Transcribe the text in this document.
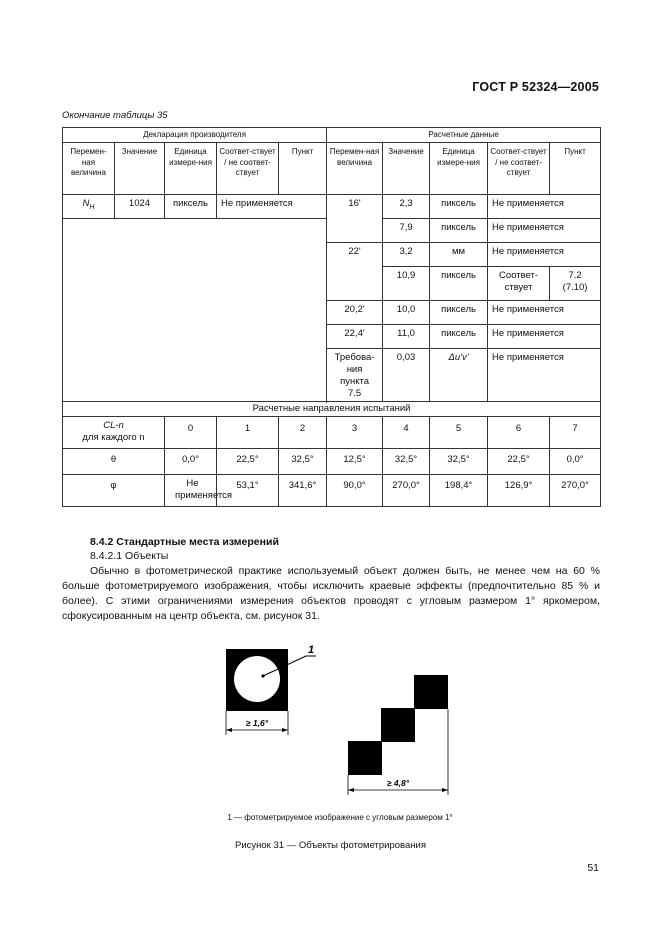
ГОСТ Р 52324—2005
Окончание таблицы 35
Декларация производителя					Расчетные данные				
Перемен-ная величина	Значение	Единица измере-ния	Соответ-ствует / не соответ-ствует	Пункт	Перемен-ная величина	Значение	Единица измере-ния	Соответ-ствует / не соответ-ствует	Пункт
$N_H$	1024	пиксель	Не применяется		16'	2,3	пиксель	Не применяется	
						7,9	пиксель	Не применяется	
					22'	3,2	мм	Не применяется	
						10,9	пиксель	Соответ-ствует	7.2 (7.10)
					20,2'	10,0	пиксель	Не применяется	
					22,4'	11,0	пиксель	Не применяется	
					Требова-ния пункта 7.5	0,03	Δu'v'	Не применяется	

Расчетные направления испытаний									
CL-n
для каждого n		0	1	2	3	4	5	6	7
θ		0,0°	22,5°	32,5°	12,5°	32,5°	32,5°	22,5°	0,0°
φ		Не применяется	53,1°	341,6°	90,0°	270,0°	198,4°	126,9°	270,0°
8.4.2 Стандартные места измерений
8.4.2.1 Объекты
Обычно в фотометрической практике используемый объект должен быть, не менее чем на 60 % больше фотометрируемого изображения, чтобы исключить краевые эффекты (предпочтительно 85 % и более). С этими ограничениями измерения объектов проводят с угловым размером 1° яркомером, сфокусированным на центр объекта, см. рисунок 31.
1
≥ 1,6°
≥ 4,8°
1 — фотометрируемое изображение с угловым размером 1°
Рисунок 31 — Объекты фотометрирования
51
